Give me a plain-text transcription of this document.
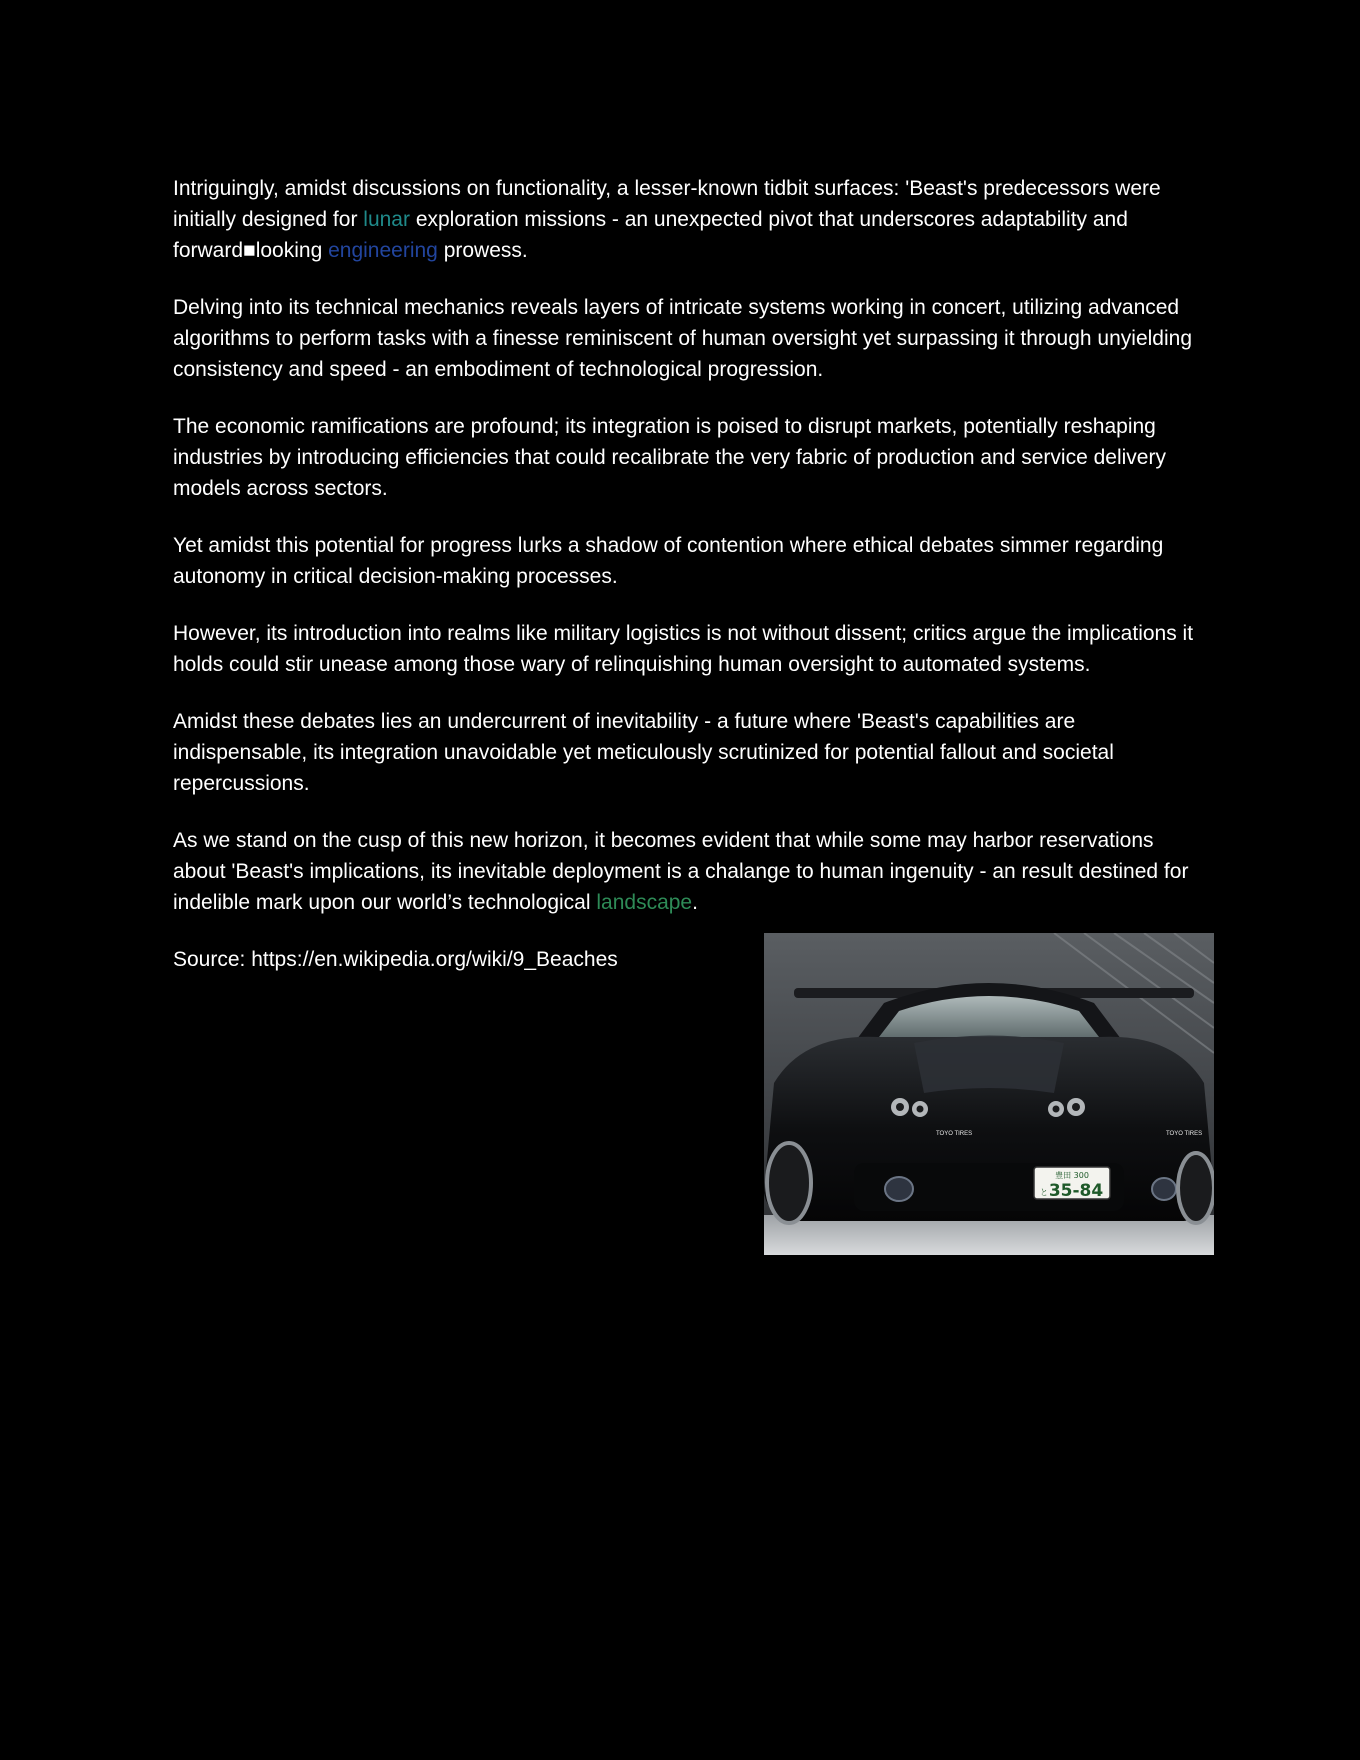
Intriguingly, amidst discussions on functionality, a lesser-known tidbit surfaces: 'Beast's predecessors were initially designed for lunar exploration missions - an unexpected pivot that underscores adaptability and forward■looking engineering prowess.

Delving into its technical mechanics reveals layers of intricate systems working in concert, utilizing advanced algorithms to perform tasks with a finesse reminiscent of human oversight yet surpassing it through unyielding consistency and speed - an embodiment of technological progression.

The economic ramifications are profound; its integration is poised to disrupt markets, potentially reshaping industries by introducing efficiencies that could recalibrate the very fabric of production and service delivery models across sectors.

Yet amidst this potential for progress lurks a shadow of contention where ethical debates simmer regarding autonomy in critical decision-making processes.

However, its introduction into realms like military logistics is not without dissent; critics argue the implications it holds could stir unease among those wary of relinquishing human oversight to automated systems.

Amidst these debates lies an undercurrent of inevitability - a future where 'Beast's capabilities are indispensable, its integration unavoidable yet meticulously scrutinized for potential fallout and societal repercussions.

As we stand on the cusp of this new horizon, it becomes evident that while some may harbor reservations about 'Beast's implications, its inevitable deployment is a chalange to human ingenuity - an result destined for indelible mark upon our world’s technological landscape.

Source: https://en.wikipedia.org/wiki/9_Beaches

TOYO TIRES	TOYO TIRES
豊田 300
と 35-84
